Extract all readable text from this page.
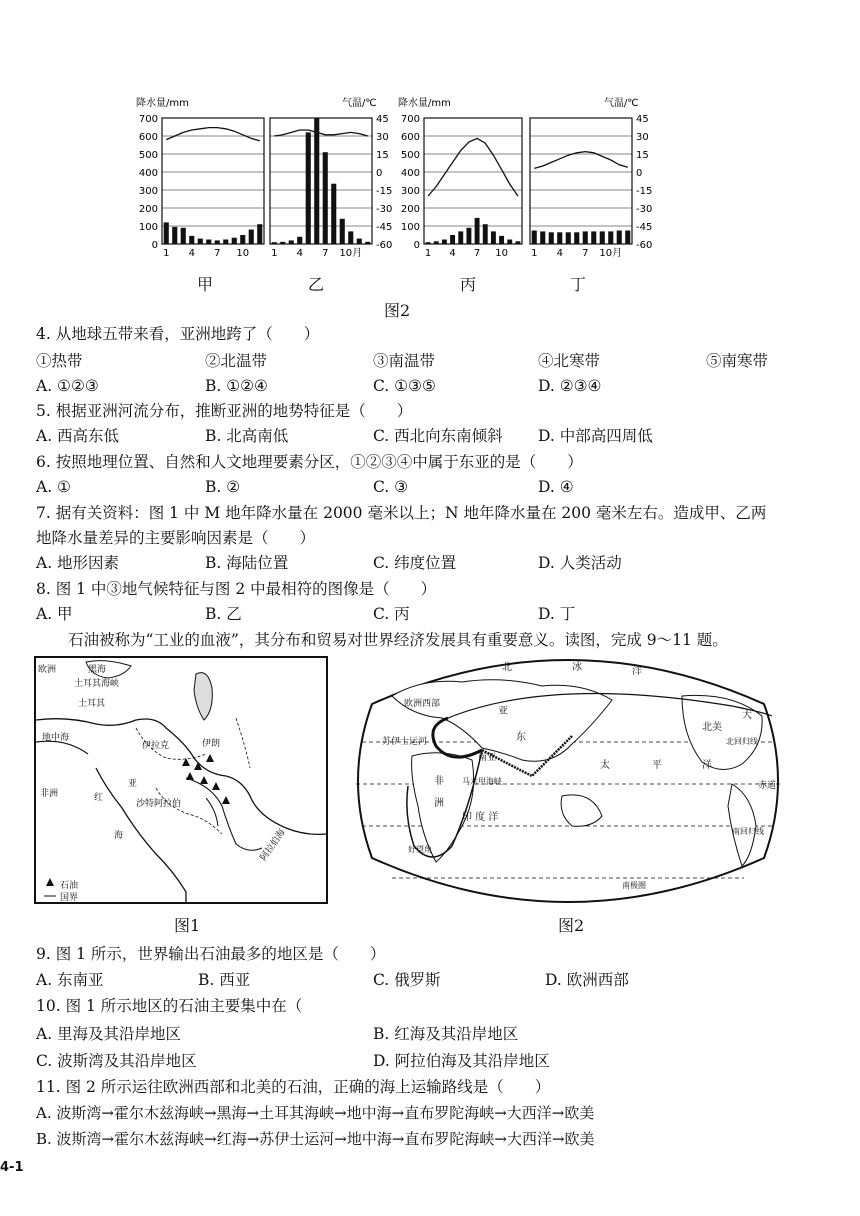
降水量/mm	气温/℃ 降水量/mm	气温/℃
700
600
500
400
300
200
100
0
700
600
500
400
300
200
100
0
45
30
15
0
-15
-30
-45
-60
45
30
15
0
-15
-30
-45
-60
1 4 7 10 1 4 7 10月	1 4 7 10 1 4 7 10月
甲	乙	丙	丁
图2
4. 从地球五带来看，亚洲地跨了（　　）
①热带	②北温带	③南温带	④北寒带	⑤南寒带
A. ①②③	B. ①②④	C. ①③⑤	D. ②③④
5. 根据亚洲河流分布，推断亚洲的地势特征是（　　）
A. 西高东低	B. 北高南低	C. 西北向东南倾斜 D. 中部高四周低
6. 按照地理位置、自然和人文地理要素分区，①②③④中属于东亚的是（　　）
A. ①	B. ②	C. ③	D. ④
7. 据有关资料：图 1 中 M 地年降水量在 2000 毫米以上；N 地年降水量在 200 毫米左右。造成甲、乙两
地降水量差异的主要影响因素是（　　）
A. 地形因素	B. 海陆位置	C. 纬度位置	D. 人类活动
8. 图 1 中③地气候特征与图 2 中最相符的图像是（　　）
A. 甲	B. 乙	C. 丙	D. 丁
石油被称为“工业的血液”，其分布和贸易对世界经济发展具有重要意义。读图，完成 9～11 题。
欧洲	黑海
土耳其海峡
土耳其
地中海
伊拉克	伊朗
亚
非洲	红
沙特阿拉伯
海	阿拉伯海
石油
国界
北	冰	洋
欧洲西部
苏伊士运河
亚
东
南亚
北美
大
北回归线
太	平	洋
非
洲
印 度 洋
马六甲海峡	赤道
南回归线
好望角
南极圈
图1	图2
9. 图 1 所示，世界输出石油最多的地区是（　　）
A. 东南亚	B. 西亚	C. 俄罗斯	D. 欧洲西部
10. 图 1 所示地区的石油主要集中在（
A. 里海及其沿岸地区	B. 红海及其沿岸地区
C. 波斯湾及其沿岸地区	D. 阿拉伯海及其沿岸地区
11. 图 2 所示运往欧洲西部和北美的石油，正确的海上运输路线是（　　）
A. 波斯湾→霍尔木兹海峡→黑海→土耳其海峡→地中海→直布罗陀海峡→大西洋→欧美
B. 波斯湾→霍尔木兹海峡→红海→苏伊士运河→地中海→直布罗陀海峡→大西洋→欧美
4-1
